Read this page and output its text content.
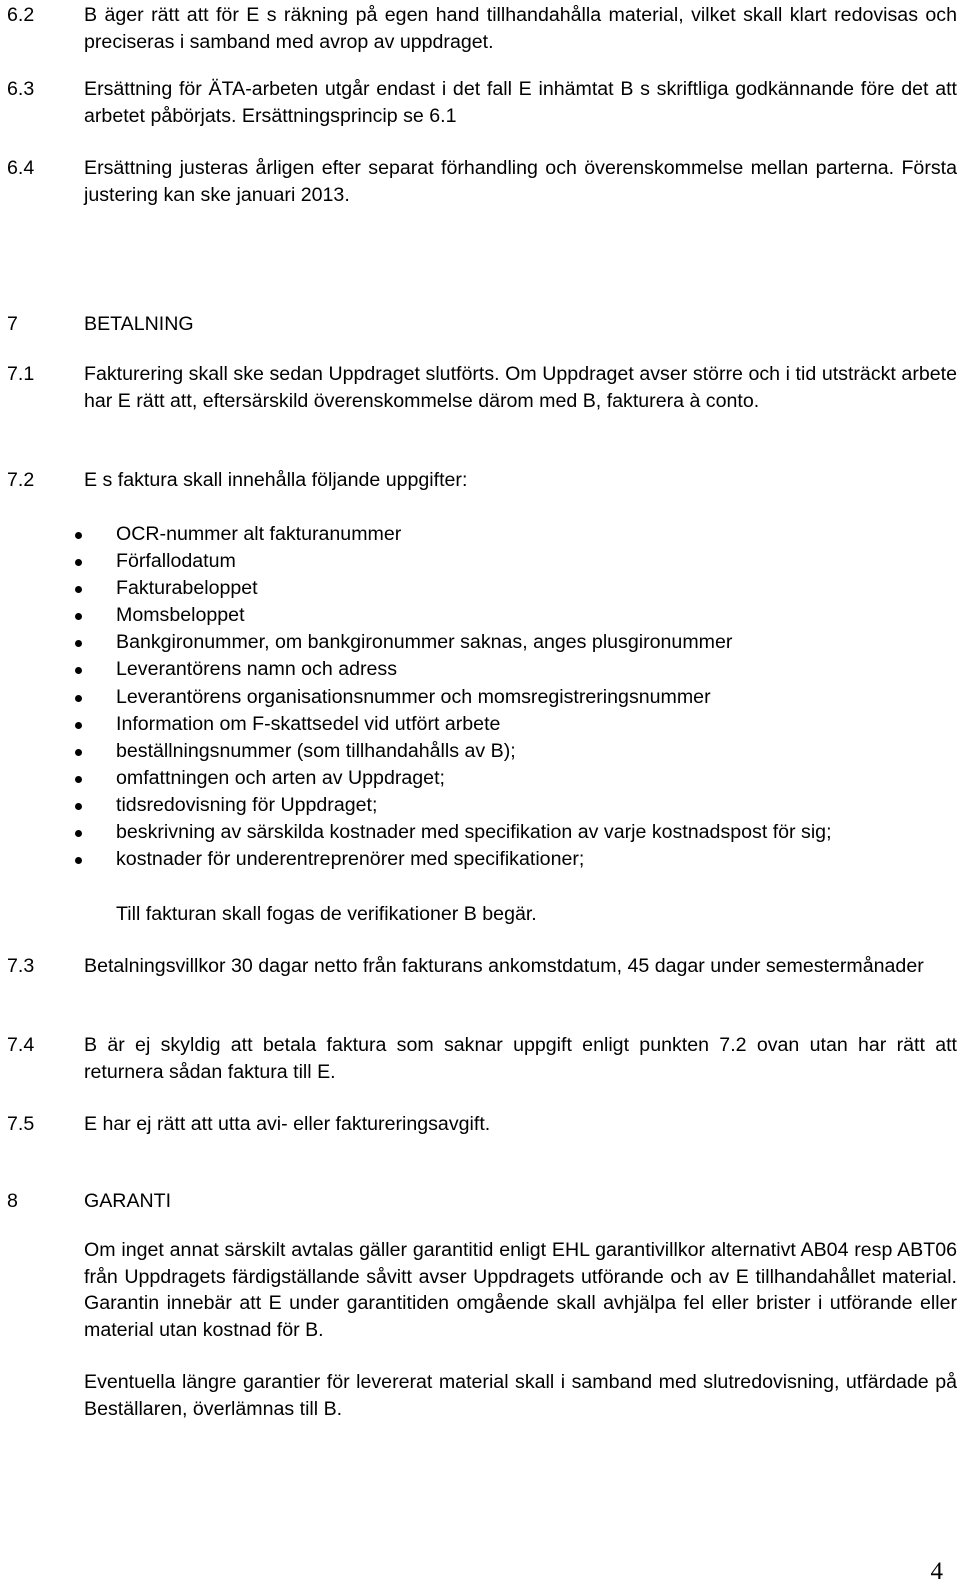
6.2	B äger rätt att för E s räkning på egen hand tillhandahålla material, vilket skall klart redovisas och preciseras i samband med avrop av uppdraget.
6.3	Ersättning för ÄTA-arbeten utgår endast i det fall E inhämtat B s skriftliga godkännande före det att arbetet påbörjats. Ersättningsprincip se 6.1
6.4	Ersättning justeras årligen efter separat förhandling och överenskommelse mellan parterna. Första justering kan ske januari 2013.
7	BETALNING
7.1	Fakturering skall ske sedan Uppdraget slutförts. Om Uppdraget avser större och i tid utsträckt arbete har E rätt att, eftersärskild överenskommelse därom med B, fakturera à conto.
7.2	E s faktura skall innehålla följande uppgifter:
OCR-nummer alt fakturanummer
Förfallodatum
Fakturabeloppet
Momsbeloppet
Bankgironummer, om bankgironummer saknas, anges plusgironummer
Leverantörens namn och adress
Leverantörens organisationsnummer och momsregistreringsnummer
Information om F-skattsedel vid utfört arbete
beställningsnummer (som tillhandahålls av B);
omfattningen och arten av Uppdraget;
tidsredovisning för Uppdraget;
beskrivning av särskilda kostnader med specifikation av varje kostnadspost för sig;
kostnader för underentreprenörer med specifikationer;
Till fakturan skall fogas de verifikationer B begär.
7.3	Betalningsvillkor 30 dagar netto från fakturans ankomstdatum, 45 dagar under semestermånader
7.4	B är ej skyldig att betala faktura som saknar uppgift enligt punkten 7.2 ovan utan har rätt att returnera sådan faktura till E.
7.5	E har ej rätt att utta avi- eller faktureringsavgift.
8	GARANTI
Om inget annat särskilt avtalas gäller garantitid enligt EHL garantivillkor alternativt AB04 resp ABT06 från Uppdragets färdigställande såvitt avser Uppdragets utförande och av E tillhandahållet material. Garantin innebär att E under garantitiden omgående skall avhjälpa fel eller brister i utförande eller material utan kostnad för B.
Eventuella längre garantier för levererat material skall i samband med slutredovisning, utfärdade på Beställaren, överlämnas till B.
4
